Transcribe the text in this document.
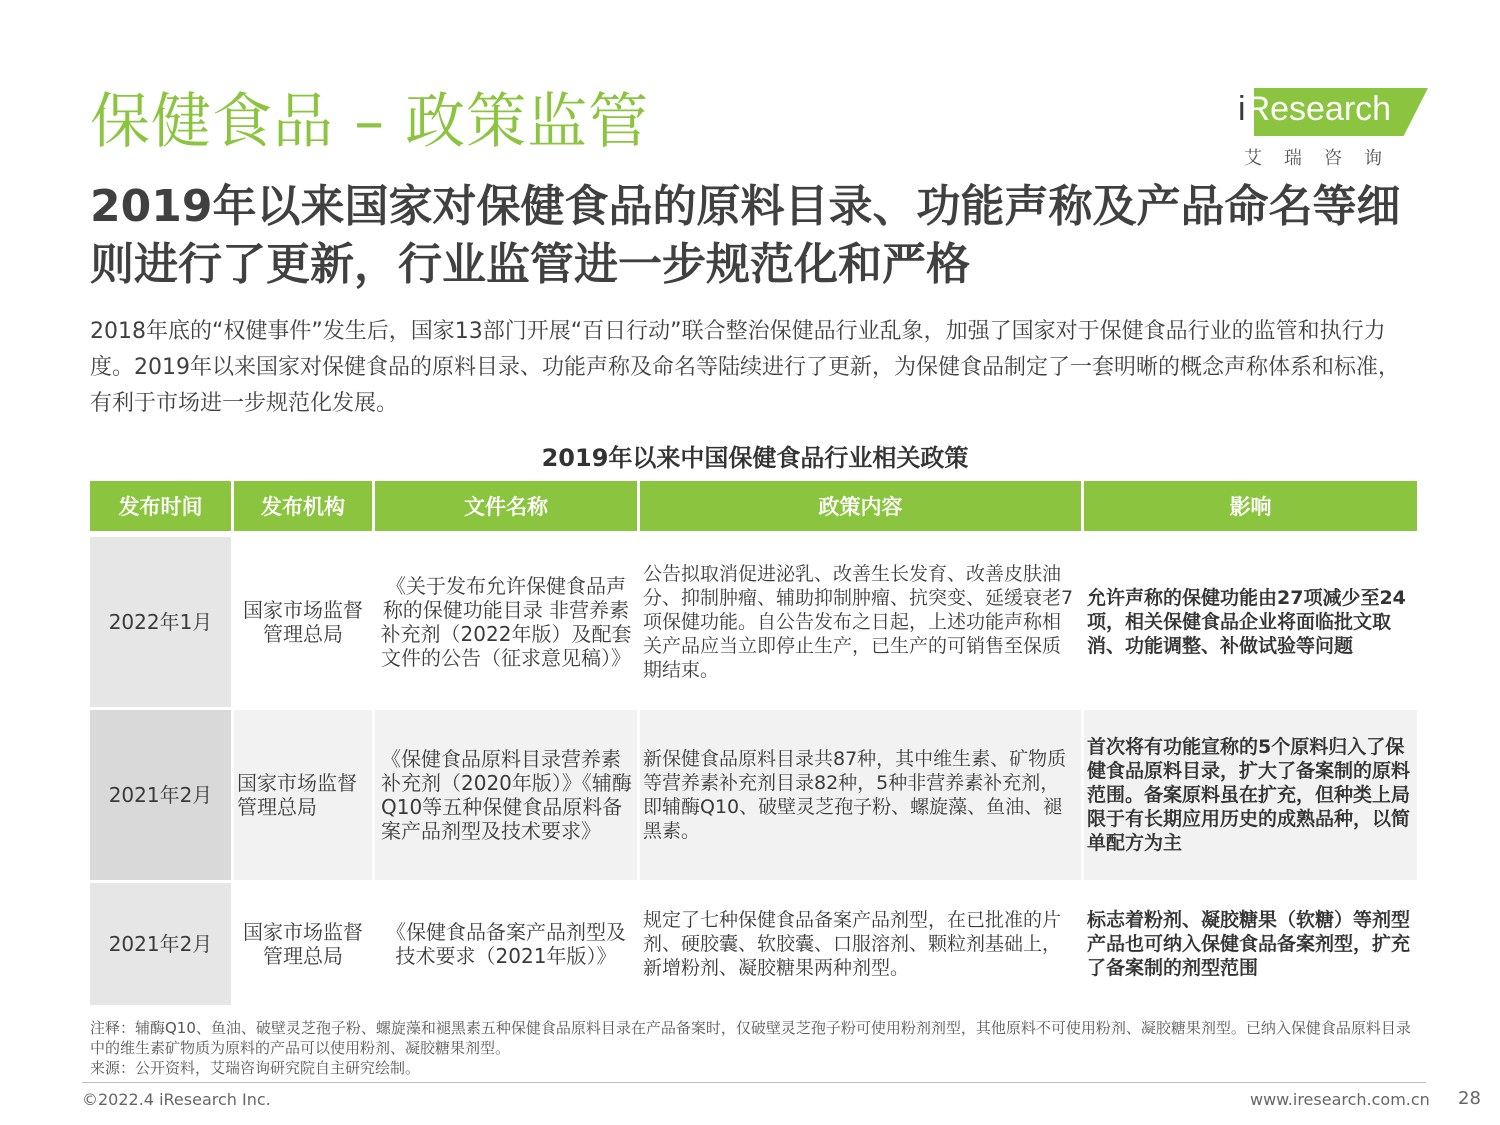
保健食品 – 政策监管	iResearch
艾瑞咨询
2019年以来国家对保健食品的原料目录、功能声称及产品命名等细则进行了更新，行业监管进一步规范化和严格

2018年底的“权健事件”发生后，国家13部门开展“百日行动”联合整治保健品行业乱象，加强了国家对于保健食品行业的监管和执行力度。2019年以来国家对保健食品的原料目录、功能声称及命名等陆续进行了更新，为保健食品制定了一套明晰的概念声称体系和标准，有利于市场进一步规范化发展。

2019年以来中国保健食品行业相关政策
发布时间	发布机构	文件名称	政策内容	影响
2022年1月	国家市场监督管理总局	《关于发布允许保健食品声称的保健功能目录 非营养素补充剂（2022年版）及配套文件的公告（征求意见稿）》	公告拟取消促进泌乳、改善生长发育、改善皮肤油分、抑制肿瘤、辅助抑制肿瘤、抗突变、延缓衰老7项保健功能。自公告发布之日起，上述功能声称相关产品应当立即停止生产，已生产的可销售至保质期结束。	允许声称的保健功能由27项减少至24项，相关保健食品企业将面临批文取消、功能调整、补做试验等问题
2021年2月	国家市场监督管理总局	《保健食品原料目录营养素补充剂（2020年版）》《辅酶Q10等五种保健食品原料备案产品剂型及技术要求》	新保健食品原料目录共87种，其中维生素、矿物质等营养素补充剂目录82种，5种非营养素补充剂，即辅酶Q10、破壁灵芝孢子粉、螺旋藻、鱼油、褪黑素。	首次将有功能宣称的5个原料归入了保健食品原料目录，扩大了备案制的原料范围。备案原料虽在扩充，但种类上局限于有长期应用历史的成熟品种，以简单配方为主
2021年2月	国家市场监督管理总局	《保健食品备案产品剂型及技术要求（2021年版）》	规定了七种保健食品备案产品剂型，在已批准的片剂、硬胶囊、软胶囊、口服溶剂、颗粒剂基础上，新增粉剂、凝胶糖果两种剂型。	标志着粉剂、凝胶糖果（软糖）等剂型产品也可纳入保健食品备案剂型，扩充了备案制的剂型范围

注释：辅酶Q10、鱼油、破壁灵芝孢子粉、螺旋藻和褪黑素五种保健食品原料目录在产品备案时，仅破壁灵芝孢子粉可使用粉剂剂型，其他原料不可使用粉剂、凝胶糖果剂型。已纳入保健食品原料目录中的维生素矿物质为原料的产品可以使用粉剂、凝胶糖果剂型。

来源：公开资料，艾瑞咨询研究院自主研究绘制。

©2022.4 iResearch Inc.	www.iresearch.com.cn 28
